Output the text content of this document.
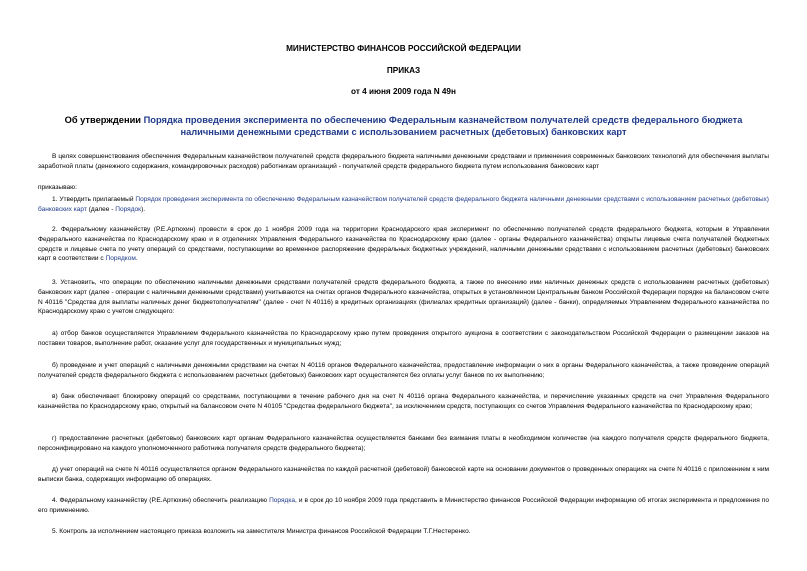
МИНИСТЕРСТВО ФИНАНСОВ РОССИЙСКОЙ ФЕДЕРАЦИИ
ПРИКАЗ
от 4 июня 2009 года N 49н
Об утверждении Порядка проведения эксперимента по обеспечению Федеральным казначейством получателей средств федерального бюджета наличными денежными средствами с использованием расчетных (дебетовых) банковских карт

В целях совершенствования обеспечения Федеральным казначейством получателей средств федерального бюджета наличными денежными средствами и применения современных банковских технологий для обеспечения выплаты заработной платы (денежного содержания, командировочных расходов) работникам организаций - получателей средств федерального бюджета путем использования банковских карт

приказываю:

1. Утвердить прилагаемый Порядок проведения эксперимента по обеспечению Федеральным казначейством получателей средств федерального бюджета наличными денежными средствами с использованием расчетных (дебетовых) банковских карт (далее - Порядок).

2. Федеральному казначейству (Р.Е.Артюхин) провести в срок до 1 ноября 2009 года на территории Краснодарского края эксперимент по обеспечению получателей средств федерального бюджета, которым в Управлении Федерального казначейства по Краснодарскому краю и в отделениях Управления Федерального казначейства по Краснодарскому краю (далее - органы Федерального казначейства) открыты лицевые счета получателей бюджетных средств и лицевые счета по учету операций со средствами, поступающими во временное распоряжение федеральных бюджетных учреждений, наличными денежными средствами с использованием расчетных (дебетовых) банковских карт в соответствии с Порядком.

3. Установить, что операции по обеспечению наличными денежными средствами получателей средств федерального бюджета, а также по внесению ими наличных денежных средств с использованием расчетных (дебетовых) банковских карт (далее - операции с наличными денежными средствами) учитываются на счетах органов Федерального казначейства, открытых в установленном Центральным банком Российской Федерации порядке на балансовом счете N 40116 "Средства для выплаты наличных денег бюджетополучателям" (далее - счет N 40116) в кредитных организациях (филиалах кредитных организаций) (далее - банки), определяемых Управлением Федерального казначейства по Краснодарскому краю с учетом следующего:

а) отбор банков осуществляется Управлением Федерального казначейства по Краснодарскому краю путем проведения открытого аукциона в соответствии с законодательством Российской Федерации о размещении заказов на поставки товаров, выполнение работ, оказание услуг для государственных и муниципальных нужд;

б) проведение и учет операций с наличными денежными средствами на счетах N 40116 органов Федерального казначейства, предоставление информации о них в органы Федерального казначейства, а также проведение операций получателей средств федерального бюджета с использованием расчетных (дебетовых) банковских карт осуществляется без оплаты услуг банков по их выполнению;

в) банк обеспечивает блокировку операций со средствами, поступающими в течение рабочего дня на счет N 40116 органа Федерального казначейства, и перечисление указанных средств на счет Управления Федерального казначейства по Краснодарскому краю, открытый на балансовом счете N 40105 "Средства федерального бюджета", за исключением средств, поступающих со счетов Управления Федерального казначейства по Краснодарскому краю;

г) предоставление расчетных (дебетовых) банковских карт органам Федерального казначейства осуществляется банками без взимания платы в необходимом количестве (на каждого получателя средств федерального бюджета, персонифицировано на каждого уполномоченного работника получателя средств федерального бюджета);

д) учет операций на счете N 40116 осуществляется органом Федерального казначейства по каждой расчетной (дебетовой) банковской карте на основании документов о проведенных операциях на счете N 40116 с приложением к ним выписки банка, содержащих информацию об операциях.

4. Федеральному казначейству (Р.Е.Артюхин) обеспечить реализацию Порядка, и в срок до 10 ноября 2009 года представить в Министерство финансов Российской Федерации информацию об итогах эксперимента и предложения по его применению.

5. Контроль за исполнением настоящего приказа возложить на заместителя Министра финансов Российской Федерации Т.Г.Нестеренко.
